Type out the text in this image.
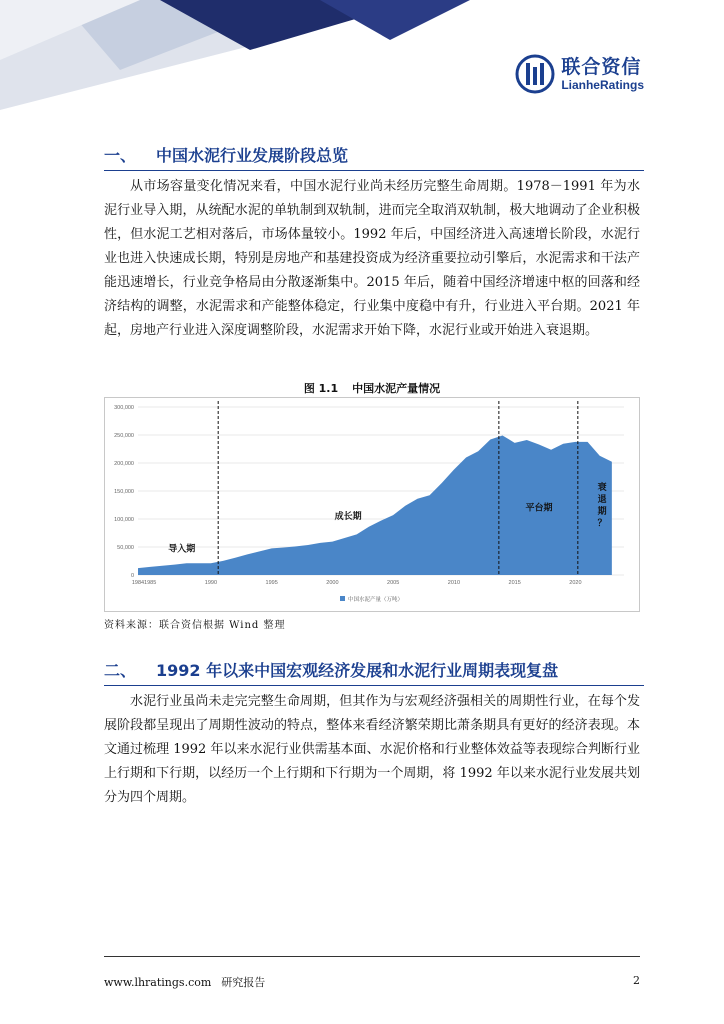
联合资信
LianheRatings
一、 中国水泥行业发展阶段总览

从市场容量变化情况来看，中国水泥行业尚未经历完整生命周期。1978－1991 年为水泥行业导入期，从统配水泥的单轨制到双轨制，进而完全取消双轨制，极大地调动了企业积极性，但水泥工艺相对落后，市场体量较小。1992 年后，中国经济进入高速增长阶段，水泥行业也进入快速成长期，特别是房地产和基建投资成为经济重要拉动引擎后，水泥需求和干法产能迅速增长，行业竞争格局由分散逐渐集中。2015 年后，随着中国经济增速中枢的回落和经济结构的调整，水泥需求和产能整体稳定，行业集中度稳中有升，行业进入平台期。2021 年起，房地产行业进入深度调整阶段，水泥需求开始下降，水泥行业或开始进入衰退期。

图 1.1 中国水泥产量情况
300,000
250,000
200,000
150,000
100,000
50,000
0
1984 1985	1990	1995	2000	2005	2010	2015	2020
导入期
成长期
平台期
衰
退
期
？
中国水泥产量（万吨）
资料来源：联合资信根据 Wind 整理
二、 1992 年以来中国宏观经济发展和水泥行业周期表现复盘

水泥行业虽尚未走完完整生命周期，但其作为与宏观经济强相关的周期性行业，在每个发展阶段都呈现出了周期性波动的特点，整体来看经济繁荣期比萧条期具有更好的经济表现。本文通过梳理 1992 年以来水泥行业供需基本面、水泥价格和行业整体效益等表现综合判断行业上行期和下行期，以经历一个上行期和下行期为一个周期，将 1992 年以来水泥行业发展共划分为四个周期。

www.lhratings.com 研究报告	2
